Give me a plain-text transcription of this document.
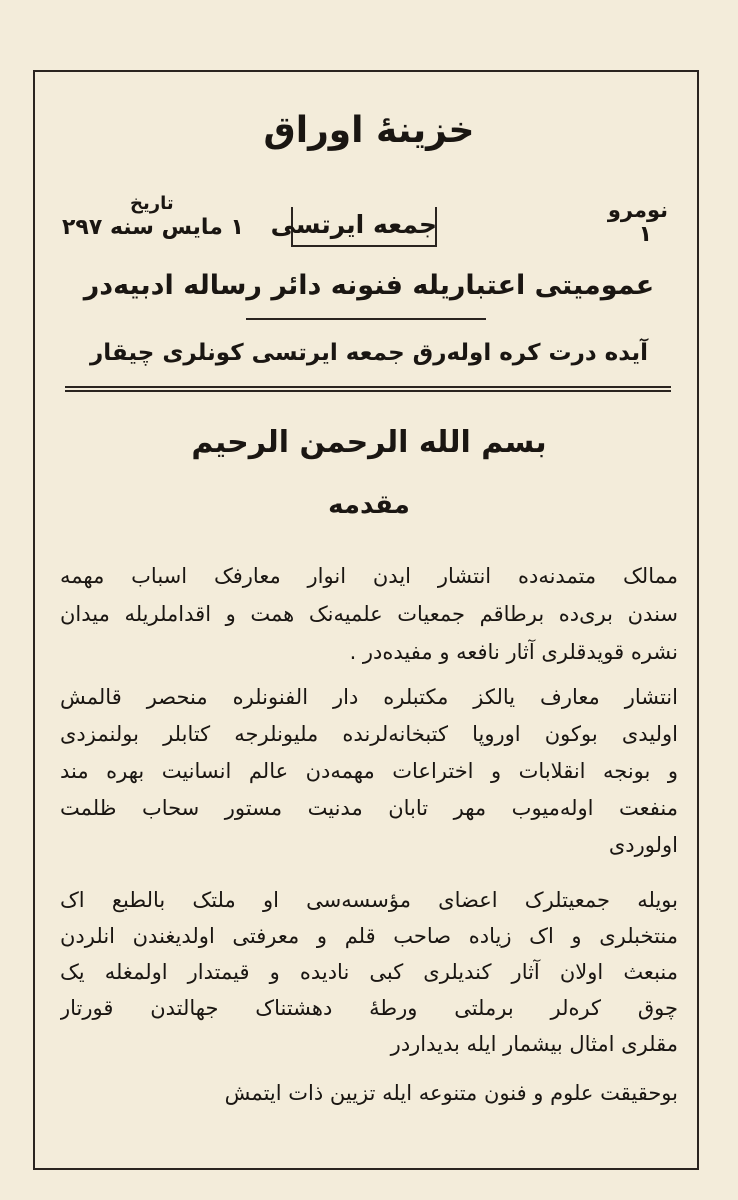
خزینهٔ اوراق
نومرو
١
جمعه ایرتسی
تاریخ
١ مایس سنه ٢٩٧
عمومیتی اعتباریله فنونه دائر رساله ادبیه‌در
آیده درت کره اوله‌رق جمعه ایرتسی کونلری چیقار
بسم الله الرحمن الرحیم
مقدمه
ممالک متمدنه‌ده انتشار ایدن انوار معارفک اسباب مهمه‌
سندن بری‌ده برطاقم جمعیات علمیه‌نک همت و اقداملریله میدان
نشره قویدقلری آثار نافعه و مفیده‌در .
انتشار معارف یالکز مکتبلره دار الفنونلره منحصر قالمش
اولیدی بوکون اوروپا کتبخانه‌لرنده ملیونلرجه کتابلر بولنمزدی
و بونجه انقلابات و اختراعات مهمه‌دن عالم انسانیت بهره مند
منفعت اوله‌میوب مهر تابان مدنیت مستور سحاب ظلمت
اولوردی
بویله جمعیتلرک اعضای مؤسسه‌سی او ملتک بالطبع اک
منتخبلری و اک زیاده صاحب قلم و معرفتی اولدیغندن انلردن
منبعث اولان آثار کندیلری کبی نادیده و قیمتدار اولمغله یک
چوق کره‌لر برملتی ورطهٔ دهشتناک جهالتدن قورتار
مقلری امثال بیشمار ایله بدیداردر
بوحقیقت علوم و فنون متنوعه ایله تزیین ذات ایتمش
